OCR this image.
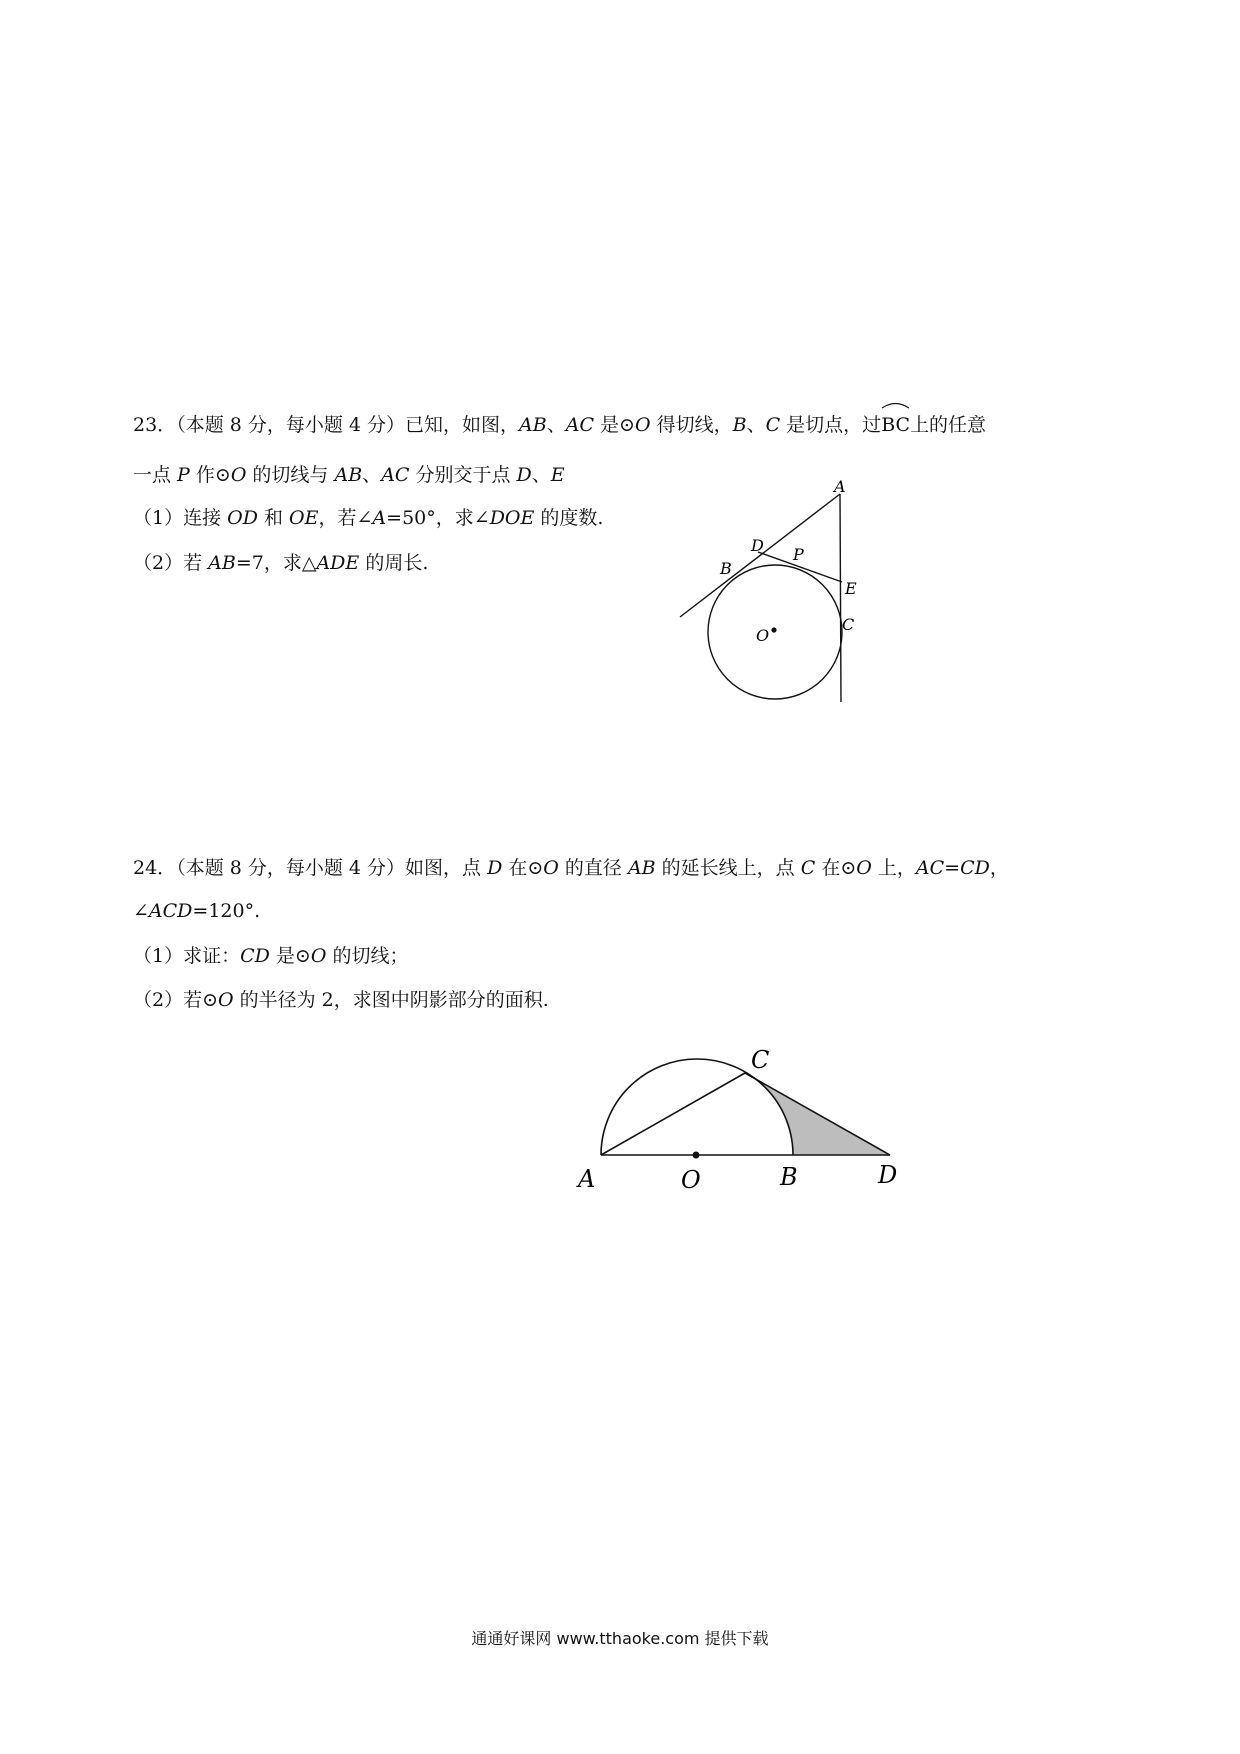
23．（本题 8 分，每小题 4 分）已知，如图，AB、AC 是⊙O 得切线，B、C 是切点，过
BC上的任意
一点 P 作⊙O 的切线与 AB、AC 分别交于点 D、E
（1）连接 OD 和 OE，若∠A=50°，求∠DOE 的度数.
（2）若 AB=7，求△ADE 的周长.
A
D P
B
E
C
O
24．（本题 8 分，每小题 4 分）如图，点 D 在⊙O 的直径 AB 的延长线上，点 C 在⊙O 上，AC=CD，
∠ACD=120°.
（1）求证：CD 是⊙O 的切线；
（2）若⊙O 的半径为 2，求图中阴影部分的面积.
C
A	O	B	D
通通好课网 www.tthaoke.com 提供下载
